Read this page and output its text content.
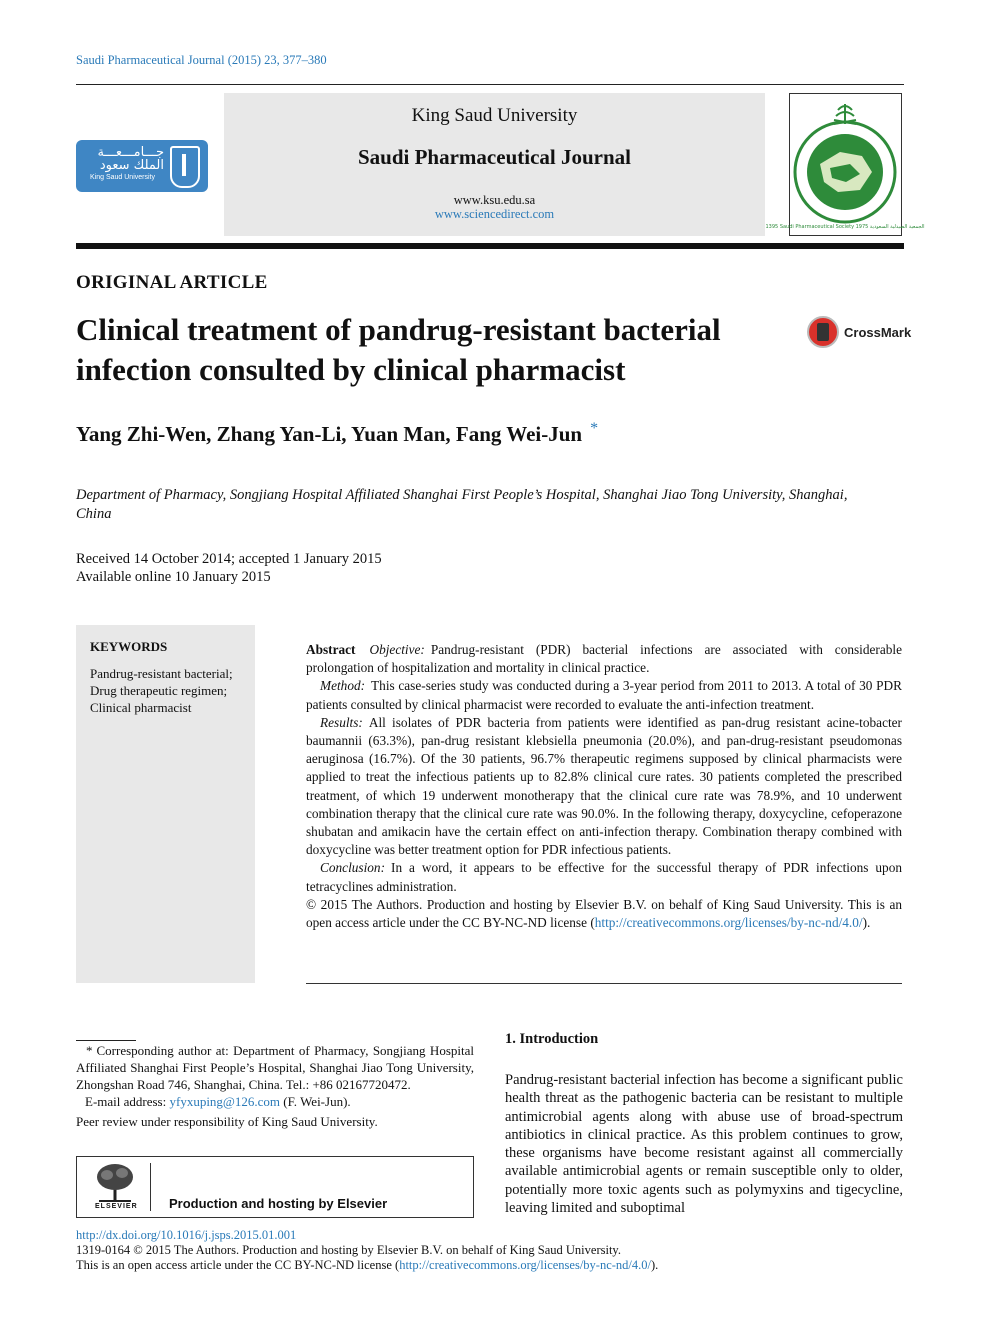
Saudi Pharmaceutical Journal (2015) 23, 377–380
جـــامـــعـــة
الملك سعود
King Saud University
King Saud University
Saudi Pharmaceutical Journal
www.ksu.edu.sa
www.sciencedirect.com
1395 Saudi Pharmaceutical Society 1975 الجمعية الصيدلية السعودية
ORIGINAL ARTICLE
Clinical treatment of pandrug-resistant bacterial infection consulted by clinical pharmacist
CrossMark
Yang Zhi-Wen, Zhang Yan-Li, Yuan Man, Fang Wei-Jun *
Department of Pharmacy, Songjiang Hospital Affiliated Shanghai First People’s Hospital, Shanghai Jiao Tong University, Shanghai, China
Received 14 October 2014; accepted 1 January 2015
Available online 10 January 2015
KEYWORDS
Pandrug-resistant bacterial;
Drug therapeutic regimen;
Clinical pharmacist

Abstract Objective: Pandrug-resistant (PDR) bacterial infections are associated with considerable prolongation of hospitalization and mortality in clinical practice.

Method: This case-series study was conducted during a 3-year period from 2011 to 2013. A total of 30 PDR patients consulted by clinical pharmacist were recorded to evaluate the anti-infection treatment.

Results: All isolates of PDR bacteria from patients were identified as pan-drug resistant acine-tobacter baumannii (63.3%), pan-drug resistant klebsiella pneumonia (20.0%), and pan-drug-resistant pseudomonas aeruginosa (16.7%). Of the 30 patients, 96.7% therapeutic regimens supposed by clinical pharmacists were applied to treat the infectious patients up to 82.8% clinical cure rates. 30 patients completed the prescribed treatment, of which 19 underwent monotherapy that the clinical cure rate was 78.9%, and 10 underwent combination therapy that the clinical cure rate was 90.0%. In the following therapy, doxycycline, cefoperazone shubatan and amikacin have the certain effect on anti-infection therapy. Combination therapy combined with doxycycline was better treatment option for PDR infectious patients.

Conclusion: In a word, it appears to be effective for the successful therapy of PDR infections upon tetracyclines administration.

© 2015 The Authors. Production and hosting by Elsevier B.V. on behalf of King Saud University. This is an open access article under the CC BY-NC-ND license (http://creativecommons.org/licenses/by-nc-nd/4.0/).

* Corresponding author at: Department of Pharmacy, Songjiang Hospital Affiliated Shanghai First People’s Hospital, Shanghai Jiao Tong University, Zhongshan Road 746, Shanghai, China. Tel.: +86 02167720472.

E-mail address: yfyxuping@126.com (F. Wei-Jun).

Peer review under responsibility of King Saud University.

ELSEVIER Production and hosting by Elsevier
1. Introduction
Pandrug-resistant bacterial infection has become a significant public health threat as the pathogenic bacteria can be resistant to multiple antimicrobial agents along with abuse use of broad-spectrum antibiotics in clinical practice. As this problem continues to grow, these organisms have become resistant against all commercially available antimicrobial agents or remain susceptible only to older, potentially more toxic agents such as polymyxins and tigecycline, leaving limited and suboptimal
http://dx.doi.org/10.1016/j.jsps.2015.01.001
1319-0164 © 2015 The Authors. Production and hosting by Elsevier B.V. on behalf of King Saud University.
This is an open access article under the CC BY-NC-ND license (http://creativecommons.org/licenses/by-nc-nd/4.0/).
